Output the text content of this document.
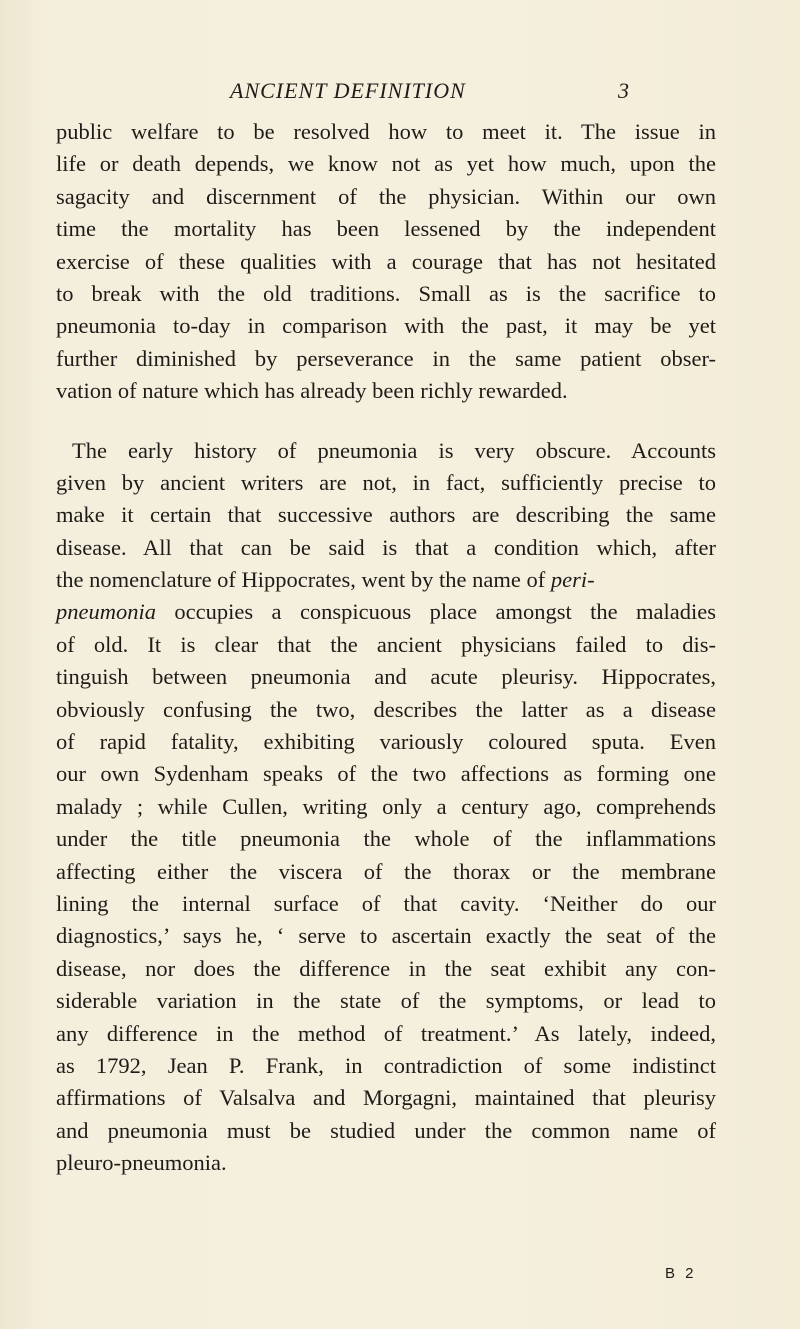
ANCIENT DEFINITION	3
public welfare to be resolved how to meet it. The issue in
life or death depends, we know not as yet how much, upon the
sagacity and discernment of the physician. Within our own
time the mortality has been lessened by the independent
exercise of these qualities with a courage that has not hesitated
to break with the old traditions. Small as is the sacrifice to
pneumonia to-day in comparison with the past, it may be yet
further diminished by perseverance in the same patient obser-
vation of nature which has already been richly rewarded.
The early history of pneumonia is very obscure. Accounts
given by ancient writers are not, in fact, sufficiently precise to
make it certain that successive authors are describing the same
disease. All that can be said is that a condition which, after
the nomenclature of Hippocrates, went by the name of peri-
pneumonia occupies a conspicuous place amongst the maladies
of old. It is clear that the ancient physicians failed to dis-
tinguish between pneumonia and acute pleurisy. Hippocrates,
obviously confusing the two, describes the latter as a disease
of rapid fatality, exhibiting variously coloured sputa. Even
our own Sydenham speaks of the two affections as forming one
malady ; while Cullen, writing only a century ago, comprehends
under the title pneumonia the whole of the inflammations
affecting either the viscera of the thorax or the membrane
lining the internal surface of that cavity. ‘Neither do our
diagnostics,’ says he, ‘ serve to ascertain exactly the seat of the
disease, nor does the difference in the seat exhibit any con-
siderable variation in the state of the symptoms, or lead to
any difference in the method of treatment.’ As lately, indeed,
as 1792, Jean P. Frank, in contradiction of some indistinct
affirmations of Valsalva and Morgagni, maintained that pleurisy
and pneumonia must be studied under the common name of
pleuro-pneumonia.
B 2
